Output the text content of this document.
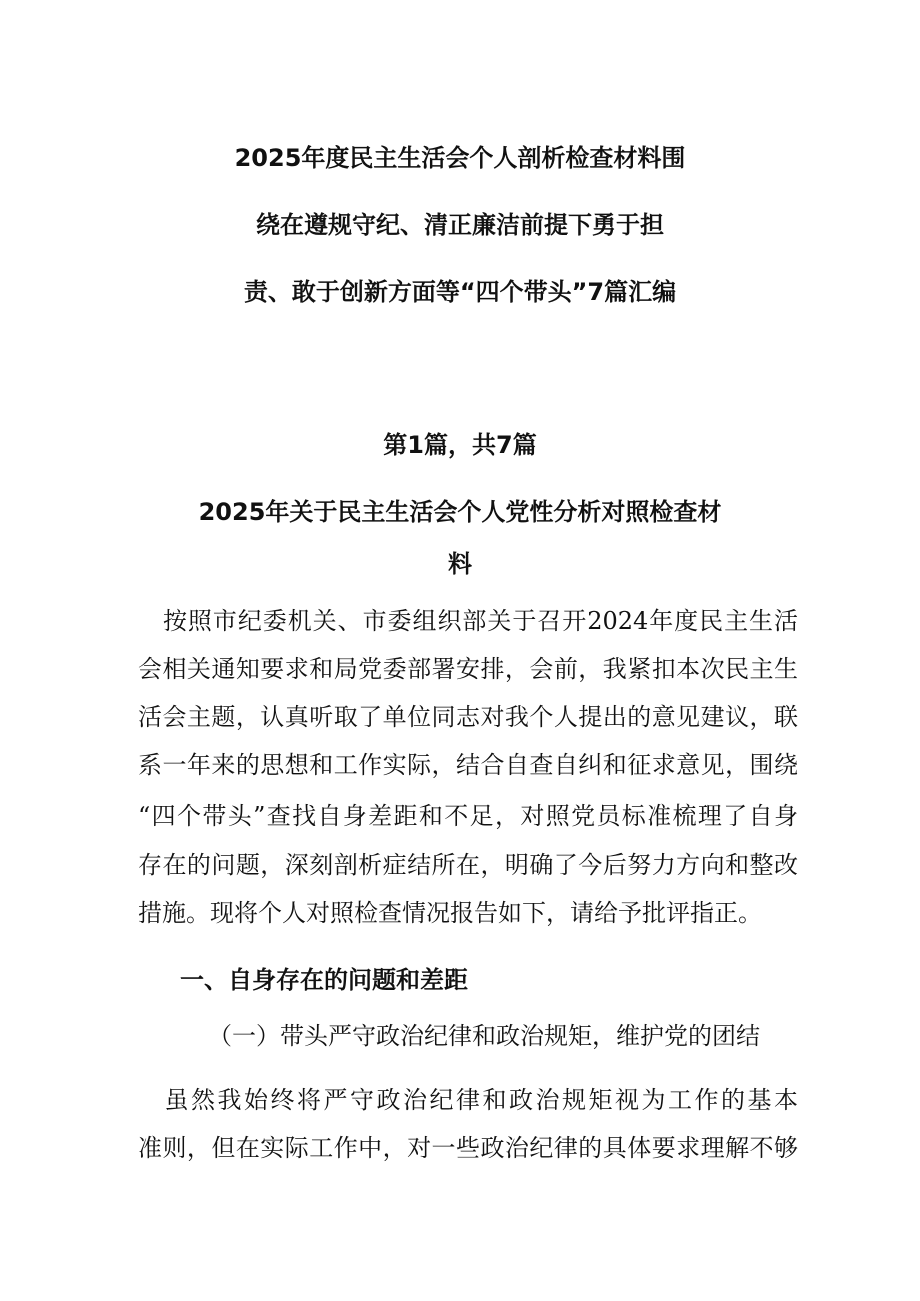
2025年度民主生活会个人剖析检查材料围
绕在遵规守纪、清正廉洁前提下勇于担
责、敢于创新方面等“四个带头”7篇汇编
第1篇，共7篇
2025年关于民主生活会个人党性分析对照检查材
料
　按照市纪委机关、市委组织部关于召开2024年度民主生活
会相关通知要求和局党委部署安排，会前，我紧扣本次民主生
活会主题，认真听取了单位同志对我个人提出的意见建议，联
系一年来的思想和工作实际，结合自查自纠和征求意见，围绕
“四个带头”查找自身差距和不足，对照党员标准梳理了自身
存在的问题，深刻剖析症结所在，明确了今后努力方向和整改
措施。现将个人对照检查情况报告如下，请给予批评指正。
一、自身存在的问题和差距
（一）带头严守政治纪律和政治规矩，维护党的团结
　虽然我始终将严守政治纪律和政治规矩视为工作的基本
准则，但在实际工作中，对一些政治纪律的具体要求理解不够
